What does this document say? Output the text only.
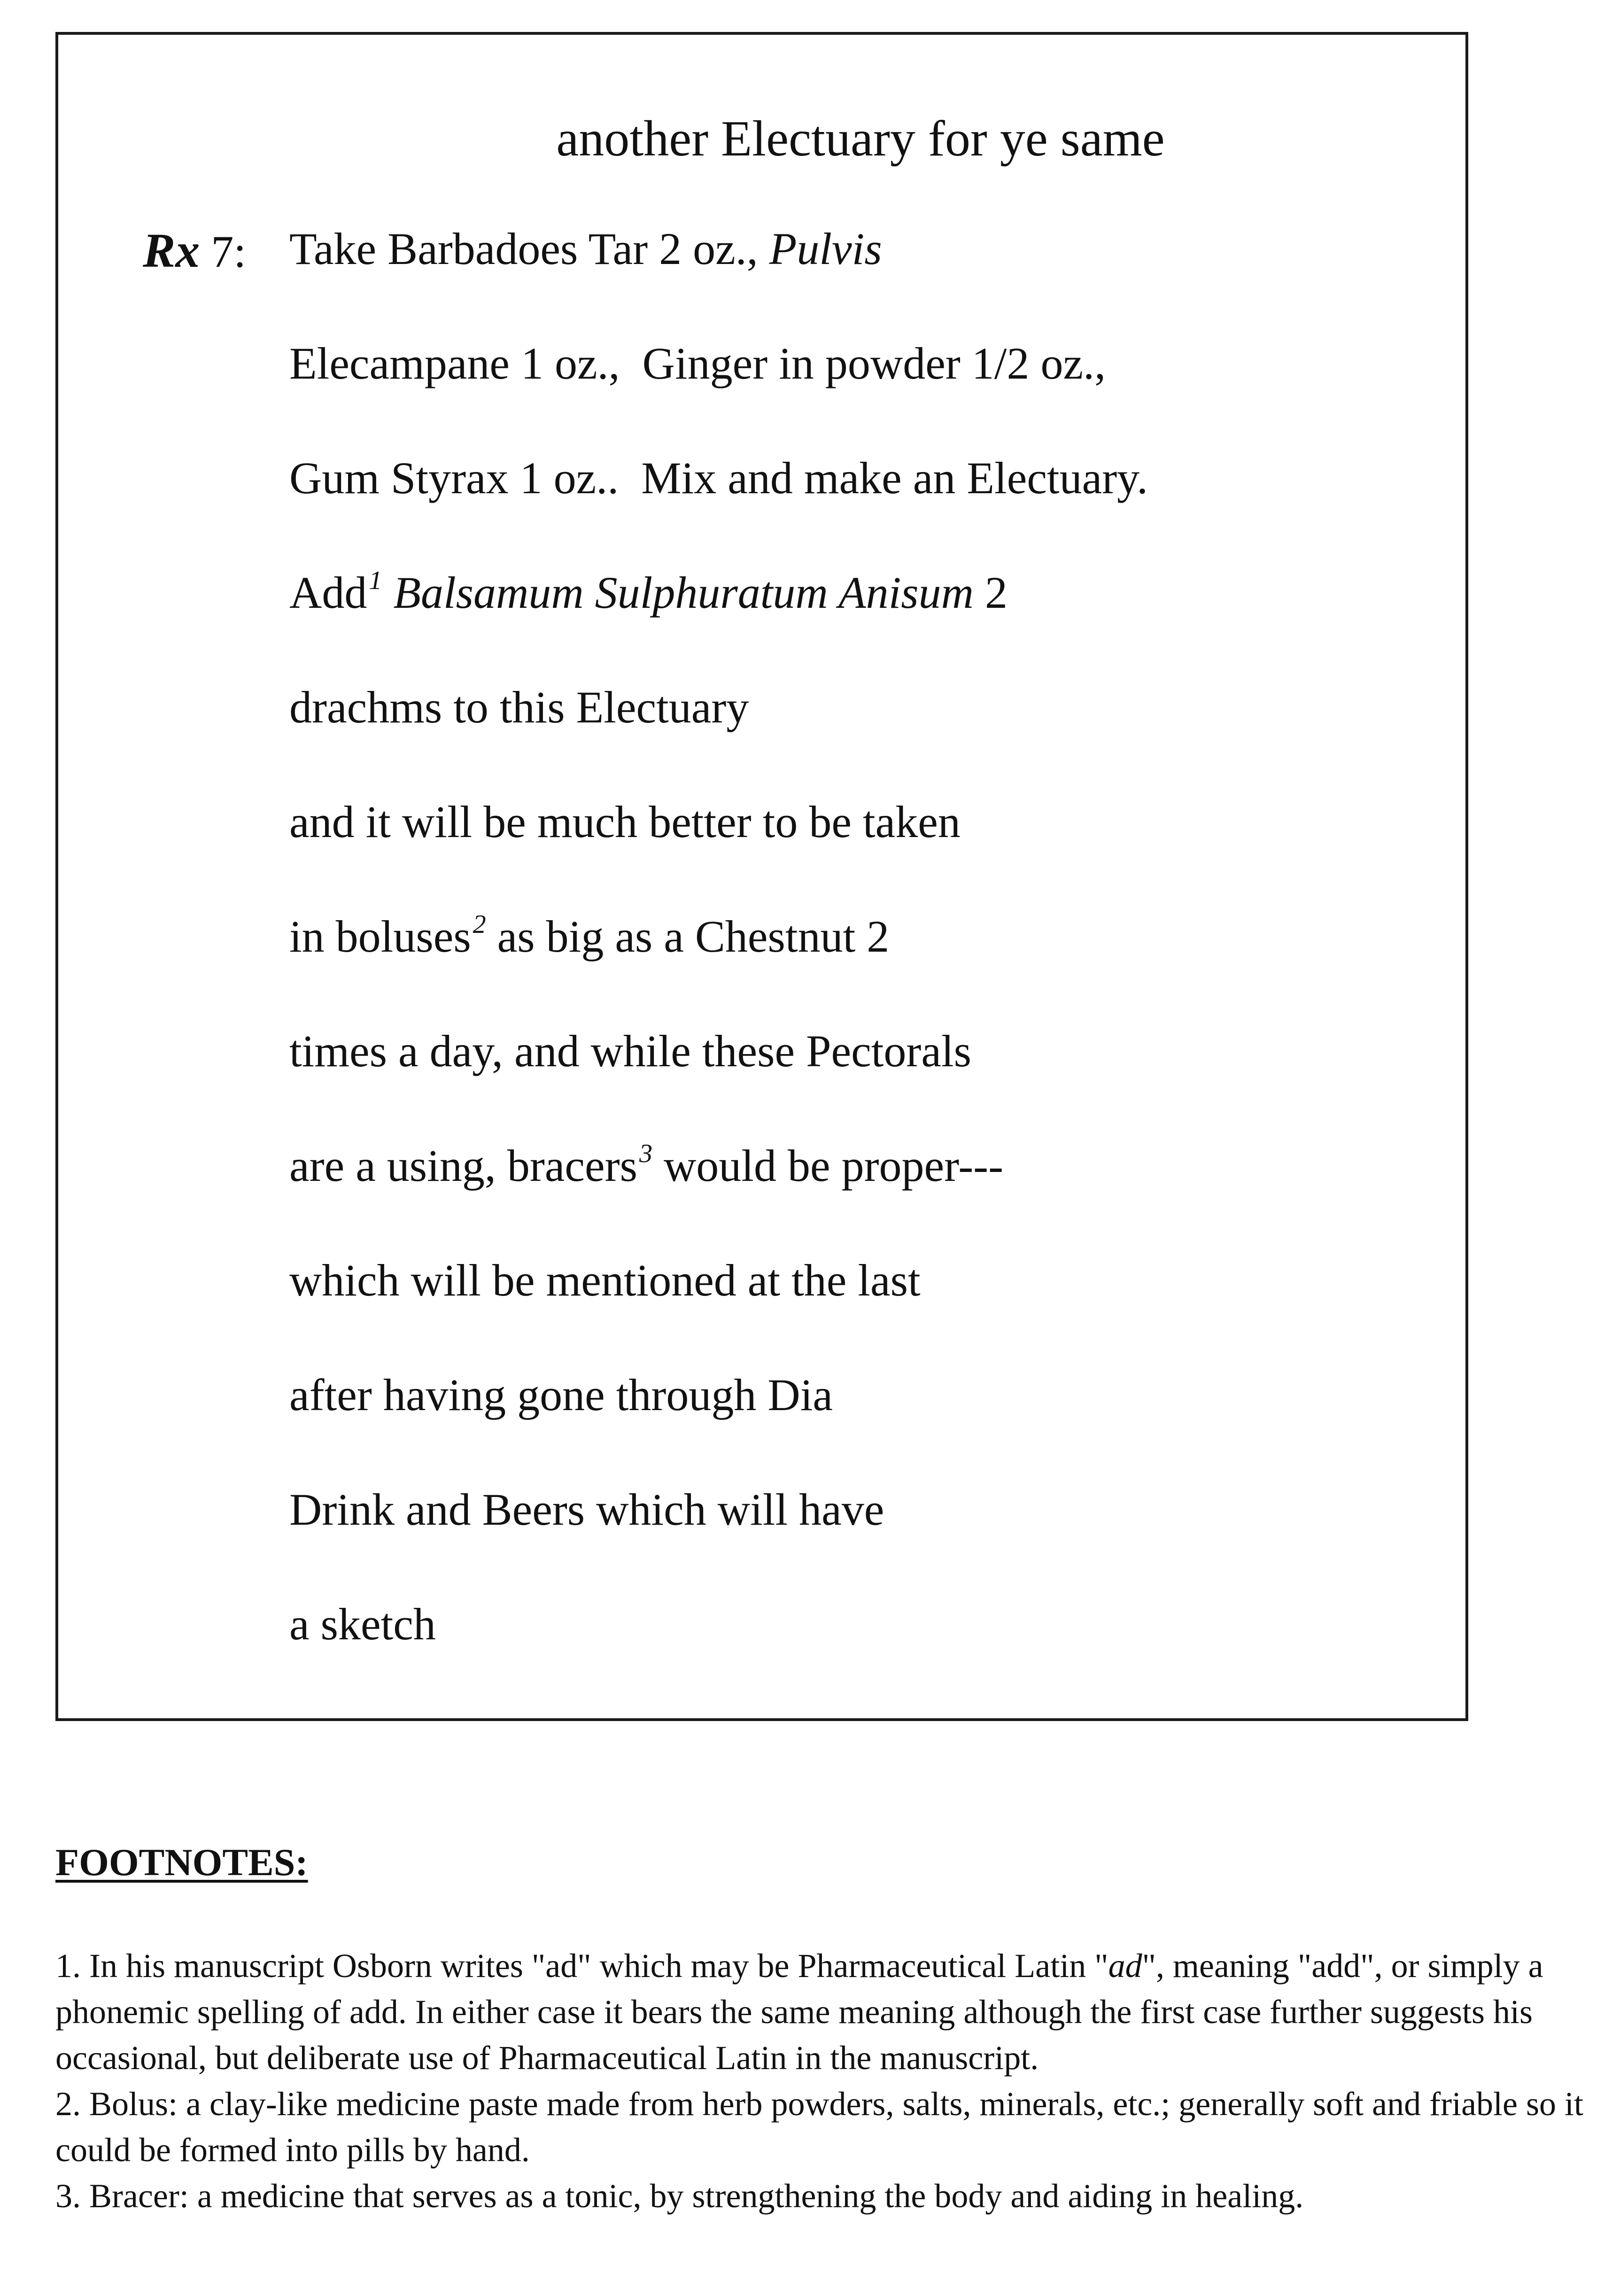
another Electuary for ye same
Rx 7: Take Barbadoes Tar 2 oz., Pulvis
Elecampane 1 oz., Ginger in powder 1/2 oz.,
Gum Styrax 1 oz.. Mix and make an Electuary.
Add$^1$ Balsamum Sulphuratum Anisum 2
drachms to this Electuary
and it will be much better to be taken
in boluses$^2$ as big as a Chestnut 2
times a day, and while these Pectorals
are a using, bracers$^3$ would be proper---
which will be mentioned at the last
after having gone through Dia
Drink and Beers which will have
a sketch
FOOTNOTES:

1. In his manuscript Osborn writes "ad" which may be Pharmaceutical Latin "ad", meaning "add", or simply a phonemic spelling of add. In either case it bears the same meaning although the first case further suggests his occasional, but deliberate use of Pharmaceutical Latin in the manuscript.

2. Bolus: a clay-like medicine paste made from herb powders, salts, minerals, etc.; generally soft and friable so it could be formed into pills by hand.

3. Bracer: a medicine that serves as a tonic, by strengthening the body and aiding in healing.
